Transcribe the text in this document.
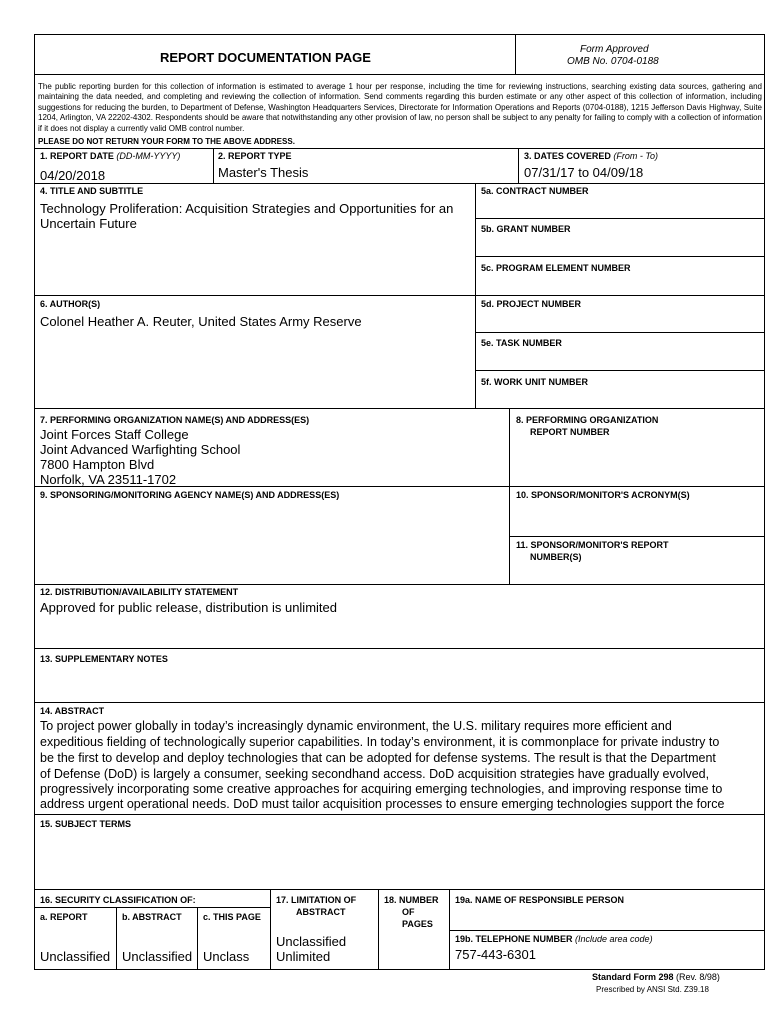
REPORT DOCUMENTATION PAGE
Form Approved
OMB No. 0704-0188
The public reporting burden for this collection of information is estimated to average 1 hour per response, including the time for reviewing instructions, searching existing data sources, gathering and maintaining the data needed, and completing and reviewing the collection of information. Send comments regarding this burden estimate or any other aspect of this collection of information, including suggestions for reducing the burden, to Department of Defense, Washington Headquarters Services, Directorate for Information Operations and Reports (0704-0188), 1215 Jefferson Davis Highway, Suite 1204, Arlington, VA 22202-4302. Respondents should be aware that notwithstanding any other provision of law, no person shall be subject to any penalty for failing to comply with a collection of information if it does not display a currently valid OMB control number.
PLEASE DO NOT RETURN YOUR FORM TO THE ABOVE ADDRESS.
1. REPORT DATE (DD-MM-YYYY)
04/20/2018
2. REPORT TYPE
Master's Thesis
3. DATES COVERED (From - To)
07/31/17 to 04/09/18
4. TITLE AND SUBTITLE
Technology Proliferation: Acquisition Strategies and Opportunities for an
Uncertain Future
5a. CONTRACT NUMBER
5b. GRANT NUMBER
5c. PROGRAM ELEMENT NUMBER
6. AUTHOR(S)
Colonel Heather A. Reuter, United States Army Reserve
5d. PROJECT NUMBER
5e. TASK NUMBER
5f. WORK UNIT NUMBER
7. PERFORMING ORGANIZATION NAME(S) AND ADDRESS(ES)
Joint Forces Staff College
Joint Advanced Warfighting School
7800 Hampton Blvd
Norfolk, VA 23511-1702
8. PERFORMING ORGANIZATION
REPORT NUMBER
9. SPONSORING/MONITORING AGENCY NAME(S) AND ADDRESS(ES)	10. SPONSOR/MONITOR'S ACRONYM(S)
11. SPONSOR/MONITOR'S REPORT
NUMBER(S)
12. DISTRIBUTION/AVAILABILITY STATEMENT
Approved for public release, distribution is unlimited
13. SUPPLEMENTARY NOTES
14. ABSTRACT
To project power globally in today’s increasingly dynamic environment, the U.S. military requires more efficient and
expeditious fielding of technologically superior capabilities. In today’s environment, it is commonplace for private industry to
be the first to develop and deploy technologies that can be adopted for defense systems. The result is that the Department
of Defense (DoD) is largely a consumer, seeking secondhand access. DoD acquisition strategies have gradually evolved,
progressively incorporating some creative approaches for acquiring emerging technologies, and improving response time to
address urgent operational needs. DoD must tailor acquisition processes to ensure emerging technologies support the force
15. SUBJECT TERMS
16. SECURITY CLASSIFICATION OF:
a. REPORT
Unclassified
b. ABSTRACT
Unclassified
c. THIS PAGE
Unclass
17. LIMITATION OF
ABSTRACT
Unclassified
Unlimited
18. NUMBER
OF
PAGES
19a. NAME OF RESPONSIBLE PERSON
19b. TELEPHONE NUMBER (Include area code)
757-443-6301
Standard Form 298 (Rev. 8/98)
Prescribed by ANSI Std. Z39.18
